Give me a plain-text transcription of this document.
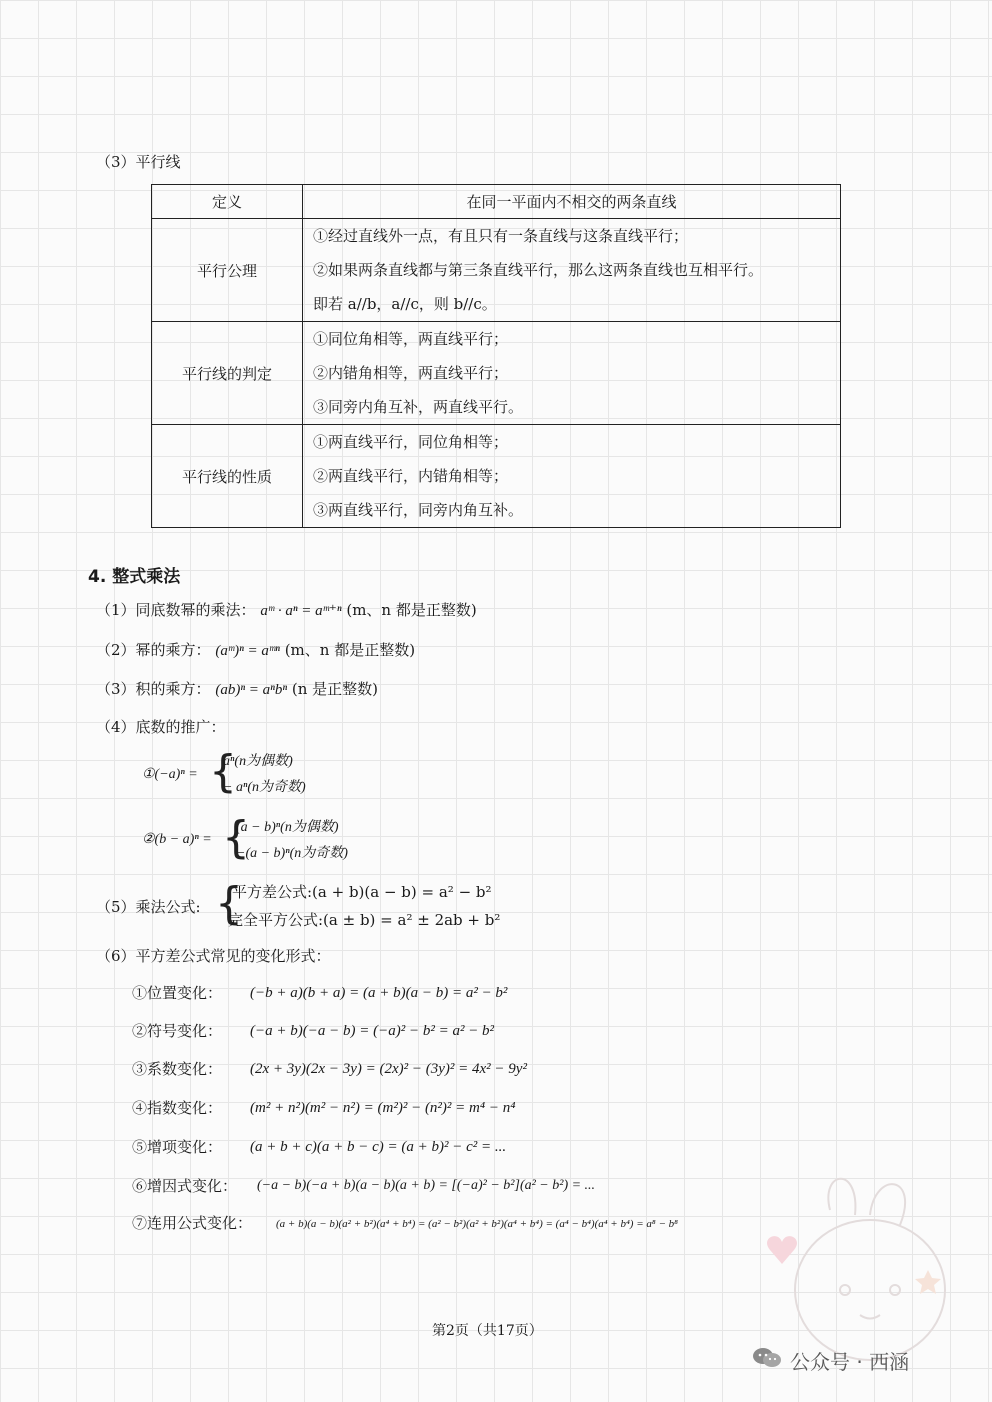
（3）平行线
定义	在同一平面内不相交的两条直线
平行公理	①经过直线外一点，有且只有一条直线与这条直线平行；
②如果两条直线都与第三条直线平行，那么这两条直线也互相平行。
即若 a//b，a//c，则 b//c。

平行线的判定	①同位角相等，两直线平行；
②内错角相等，两直线平行；
③同旁内角互补，两直线平行。

平行线的性质	①两直线平行，同位角相等；
②两直线平行，内错角相等；
③两直线平行，同旁内角互补。
4. 整式乘法
（1）同底数幂的乘法： aᵐ · aⁿ = aᵐ⁺ⁿ (m、n 都是正整数)
（2）幂的乘方： (aᵐ)ⁿ = aᵐⁿ (m、n 都是正整数)
（3）积的乘方： (ab)ⁿ = aⁿbⁿ (n 是正整数)
（4）底数的推广：
①(−a)ⁿ = {
aⁿ(n为偶数)
− aⁿ(n为奇数)
②(b − a)ⁿ = {
(a − b)ⁿ(n为偶数)
−(a − b)ⁿ(n为奇数)
（5）乘法公式: {
平方差公式:(a + b)(a − b) = a² − b²
完全平方公式:(a ± b) = a² ± 2ab + b²
（6）平方差公式常见的变化形式：
①位置变化： (−b + a)(b + a) = (a + b)(a − b) = a² − b²
②符号变化： (−a + b)(−a − b) = (−a)² − b² = a² − b²
③系数变化： (2x + 3y)(2x − 3y) = (2x)² − (3y)² = 4x² − 9y²
④指数变化： (m² + n²)(m² − n²) = (m²)² − (n²)² = m⁴ − n⁴
⑤增项变化： (a + b + c)(a + b − c) = (a + b)² − c² = ...
⑥增因式变化： (−a − b)(−a + b)(a − b)(a + b) = [(−a)² − b²](a² − b²) = ...
⑦连用公式变化： (a + b)(a − b)(a² + b²)(a⁴ + b⁴) = (a² − b²)(a² + b²)(a⁴ + b⁴) = (a⁴ − b⁴)(a⁴ + b⁴) = a⁸ − b⁸
第2页（共17页）
公众号 · 西涵
